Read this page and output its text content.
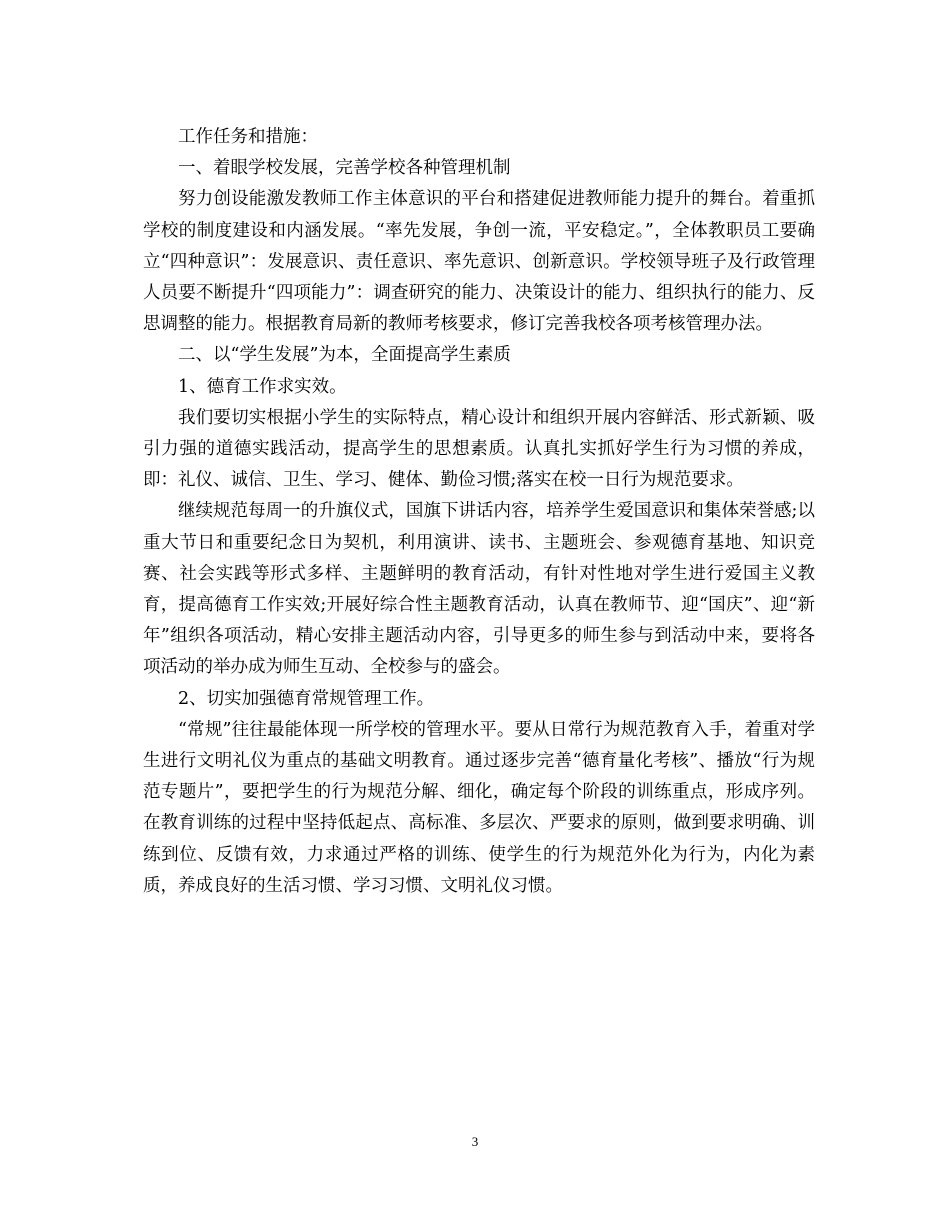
工作任务和措施：

一、着眼学校发展，完善学校各种管理机制

努力创设能激发教师工作主体意识的平台和搭建促进教师能力提升的舞台。着重抓学校的制度建设和内涵发展。“率先发展，争创一流，平安稳定。”，全体教职员工要确立“四种意识”：发展意识、责任意识、率先意识、创新意识。学校领导班子及行政管理人员要不断提升“四项能力”：调查研究的能力、决策设计的能力、组织执行的能力、反思调整的能力。根据教育局新的教师考核要求，修订完善我校各项考核管理办法。

二、以“学生发展”为本，全面提高学生素质

1、德育工作求实效。

我们要切实根据小学生的实际特点，精心设计和组织开展内容鲜活、形式新颖、吸引力强的道德实践活动，提高学生的思想素质。认真扎实抓好学生行为习惯的养成，即：礼仪、诚信、卫生、学习、健体、勤俭习惯;落实在校一日行为规范要求。

继续规范每周一的升旗仪式，国旗下讲话内容，培养学生爱国意识和集体荣誉感;以重大节日和重要纪念日为契机，利用演讲、读书、主题班会、参观德育基地、知识竞赛、社会实践等形式多样、主题鲜明的教育活动，有针对性地对学生进行爱国主义教育，提高德育工作实效;开展好综合性主题教育活动，认真在教师节、迎“国庆”、迎“新年”组织各项活动，精心安排主题活动内容，引导更多的师生参与到活动中来，要将各项活动的举办成为师生互动、全校参与的盛会。

2、切实加强德育常规管理工作。

“常规”往往最能体现一所学校的管理水平。要从日常行为规范教育入手，着重对学生进行文明礼仪为重点的基础文明教育。通过逐步完善“德育量化考核”、播放“行为规范专题片”，要把学生的行为规范分解、细化，确定每个阶段的训练重点，形成序列。在教育训练的过程中坚持低起点、高标准、多层次、严要求的原则，做到要求明确、训练到位、反馈有效，力求通过严格的训练、使学生的行为规范外化为行为，内化为素质，养成良好的生活习惯、学习习惯、文明礼仪习惯。

3
